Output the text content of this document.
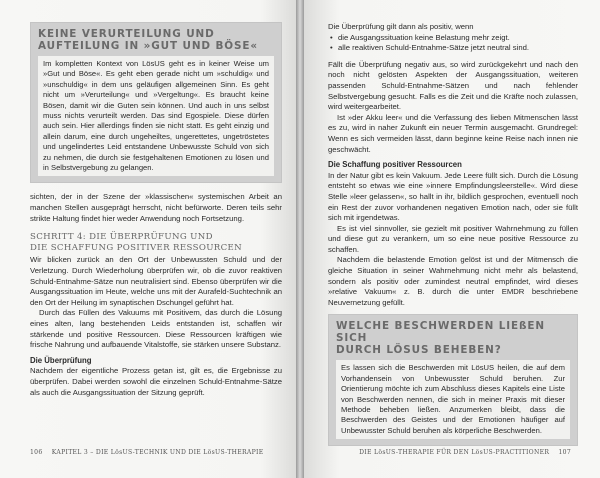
KEINE VERURTEILUNG UND
AUFTEILUNG IN »GUT UND BÖSE«

Im kompletten Kontext von LösUS geht es in keiner Weise um »Gut und Böse«. Es geht eben gerade nicht um »schuldig« und »unschuldig« in dem uns geläufigen allgemeinen Sinn. Es geht nicht um »Verurteilung« und »Vergeltung«. Es braucht keine Bösen, damit wir die Guten sein können. Und auch in uns selbst muss nichts verurteilt werden. Das sind Egospiele. Diese dürfen auch sein. Hier allerdings finden sie nicht statt. Es geht einzig und allein darum, eine durch ungeheiltes, ungerettetes, ungetröstetes und ungelindertes Leid entstandene Unbewusste Schuld von sich zu nehmen, die durch sie festgehaltenen Emotionen zu lösen und in Selbstvergebung zu gelangen.

sichten, der in der Szene der »klassischen« systemischen Arbeit an manchen Stellen ausgeprägt herrscht, nicht befürworte. Deren teils sehr strikte Haltung findet hier weder Anwendung noch Fortsetzung.

SCHRITT 4: DIE ÜBERPRÜFUNG UND
DIE SCHAFFUNG POSITIVER RESSOURCEN

Wir blicken zurück an den Ort der Unbewussten Schuld und der Verletzung. Durch Wiederholung überprüfen wir, ob die zuvor reaktiven Schuld-Entnahme-Sätze nun neutralisiert sind. Ebenso überprüfen wir die Ausgangssituation im Heute, welche uns mit der Aurafeld-Suchtechnik an den Ort der Heilung im synaptischen Dschungel geführt hat.

Durch das Füllen des Vakuums mit Positivem, das durch die Lösung eines alten, lang bestehenden Leids entstanden ist, schaffen wir stärkende und positive Ressourcen. Diese Ressourcen kräftigen wie frische Nahrung und aufbauende Vitalstoffe, sie stärken unsere Substanz.

Die Überprüfung

Nachdem der eigentliche Prozess getan ist, gilt es, die Ergebnisse zu überprüfen. Dabei werden sowohl die einzelnen Schuld-Entnahme-Sätze als auch die Ausgangssituation der Sitzung geprüft.

106 KAPITEL 3 – DIE LösUS-TECHNIK UND DIE LösUS-THERAPIE

Die Überprüfung gilt dann als positiv, wenn

• die Ausgangssituation keine Belastung mehr zeigt.
• alle reaktiven Schuld-Entnahme-Sätze jetzt neutral sind.

Fällt die Überprüfung negativ aus, so wird zurückgekehrt und nach den noch nicht gelösten Aspekten der Ausgangssituation, weiteren passenden Schuld-Entnahme-Sätzen und nach fehlender Selbstvergebung gesucht. Falls es die Zeit und die Kräfte noch zulassen, wird weitergearbeitet.

Ist »der Akku leer« und die Verfassung des lieben Mitmenschen lässt es zu, wird in naher Zukunft ein neuer Termin ausgemacht. Grundregel: Wenn es sich vermeiden lässt, dann beginne keine Reise nach innen nie geschwächt.

Die Schaffung positiver Ressourcen

In der Natur gibt es kein Vakuum. Jede Leere füllt sich. Durch die Lösung entsteht so etwas wie eine »innere Empfindungsleerstelle«. Wird diese Stelle »leer gelassen«, so hallt in ihr, bildlich gesprochen, eventuell noch ein Rest der zuvor vorhandenen negativen Emotion nach, oder sie füllt sich mit irgendetwas.

Es ist viel sinnvoller, sie gezielt mit positiver Wahrnehmung zu füllen und diese gut zu verankern, um so eine neue positive Ressource zu schaffen.

Nachdem die belastende Emotion gelöst ist und der Mitmensch die gleiche Situation in seiner Wahrnehmung nicht mehr als belastend, sondern als positiv oder zumindest neutral empfindet, wird dieses »relative Vakuum« z. B. durch die unter EMDR beschriebene Neuvernetzung gefüllt.

WELCHE BESCHWERDEN LIEßEN SICH
DURCH LÖSUS BEHEBEN?

Es lassen sich die Beschwerden mit LösUS heilen, die auf dem Vorhandensein von Unbewusster Schuld beruhen. Zur Orientierung möchte ich zum Abschluss dieses Kapitels eine Liste von Beschwerden nennen, die sich in meiner Praxis mit dieser Methode beheben ließen. Anzumerken bleibt, dass die Beschwerden des Geistes und der Emotionen häufiger auf Unbewusster Schuld beruhen als körperliche Beschwerden.

DIE LösUS-THERAPIE FÜR DEN LösUS-PRACTITIONER 107
